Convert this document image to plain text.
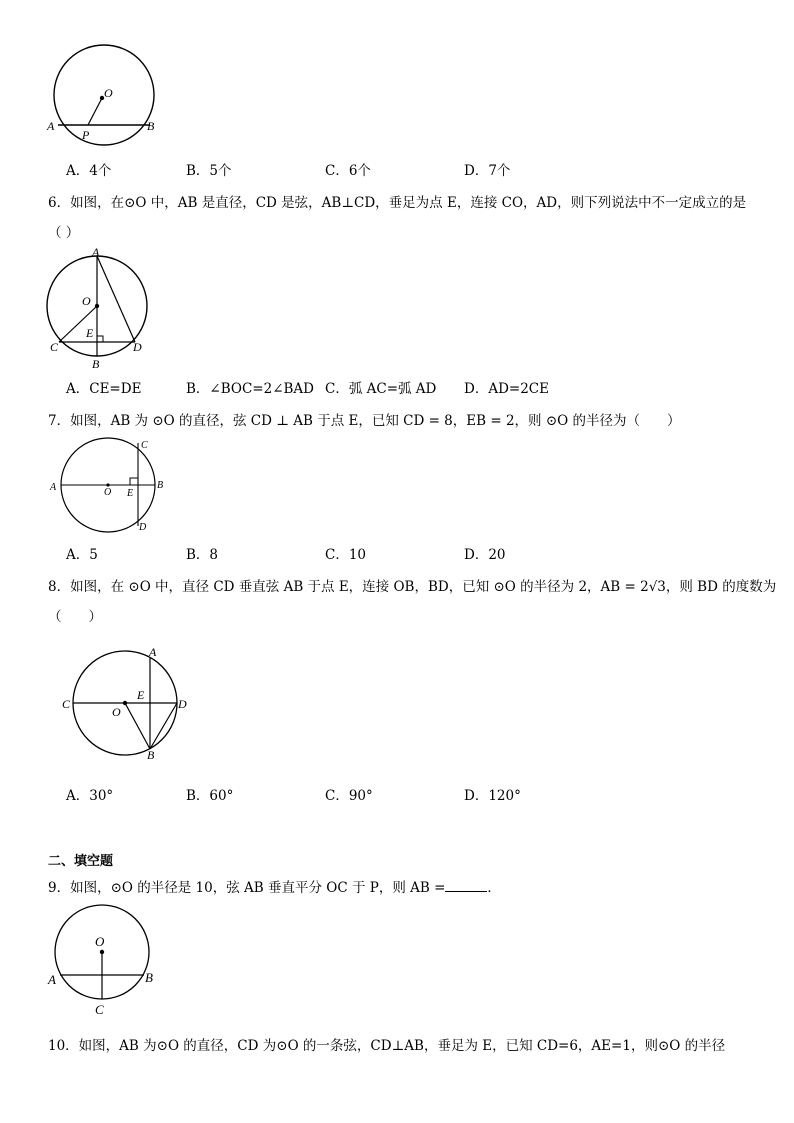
O
A	B
P
A．4个	B．5个	C．6个	D．7个
6．如图，在⊙O 中，AB 是直径，CD 是弦，AB⊥CD，垂足为点 E，连接 CO，AD，则下列说法中不一定成立的是
（ ）
A
O
E
C	D
B
A．CE=DE	B．∠BOC=2∠BAD C．弧 AC=弧 AD D．AD=2CE
7．如图，AB 为 ⊙O 的直径，弦 CD ⊥ AB 于点 E，已知 CD = 8，EB = 2，则 ⊙O 的半径为（　　）
A	O E
B
C
D
A．5	B．8	C．10	D．20
8．如图，在 ⊙O 中，直径 CD 垂直弦 AB 于点 E，连接 OB，BD，已知 ⊙O 的半径为 2，AB = 2√3，则 BD 的度数为
（　　）
A
C
E
O
D
B
A．30°	B．60°	C．90°	D．120°
二、填空题
9．如图，⊙O 的半径是 10，弦 AB 垂直平分 OC 于 P，则 AB =	．
O
A	B
C
10．如图，AB 为⊙O 的直径，CD 为⊙O 的一条弦，CD⊥AB，垂足为 E，已知 CD=6，AE=1，则⊙O 的半径
